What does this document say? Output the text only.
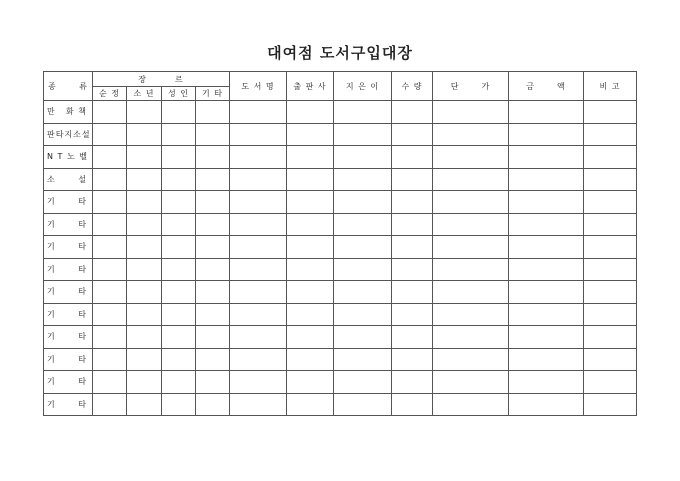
대여점 도서구입대장
종 류	장 르				도 서 명	출 판 사	지 은 이	수 량	단 가	금 액	비 고
	순 정	소 년	성 인	기 타							

만 화 책											

판타지소설											

N T 노 벨											

소 설											

기 타											

기 타											

기 타											

기 타											

기 타											

기 타											

기 타											

기 타											

기 타											

기 타											
